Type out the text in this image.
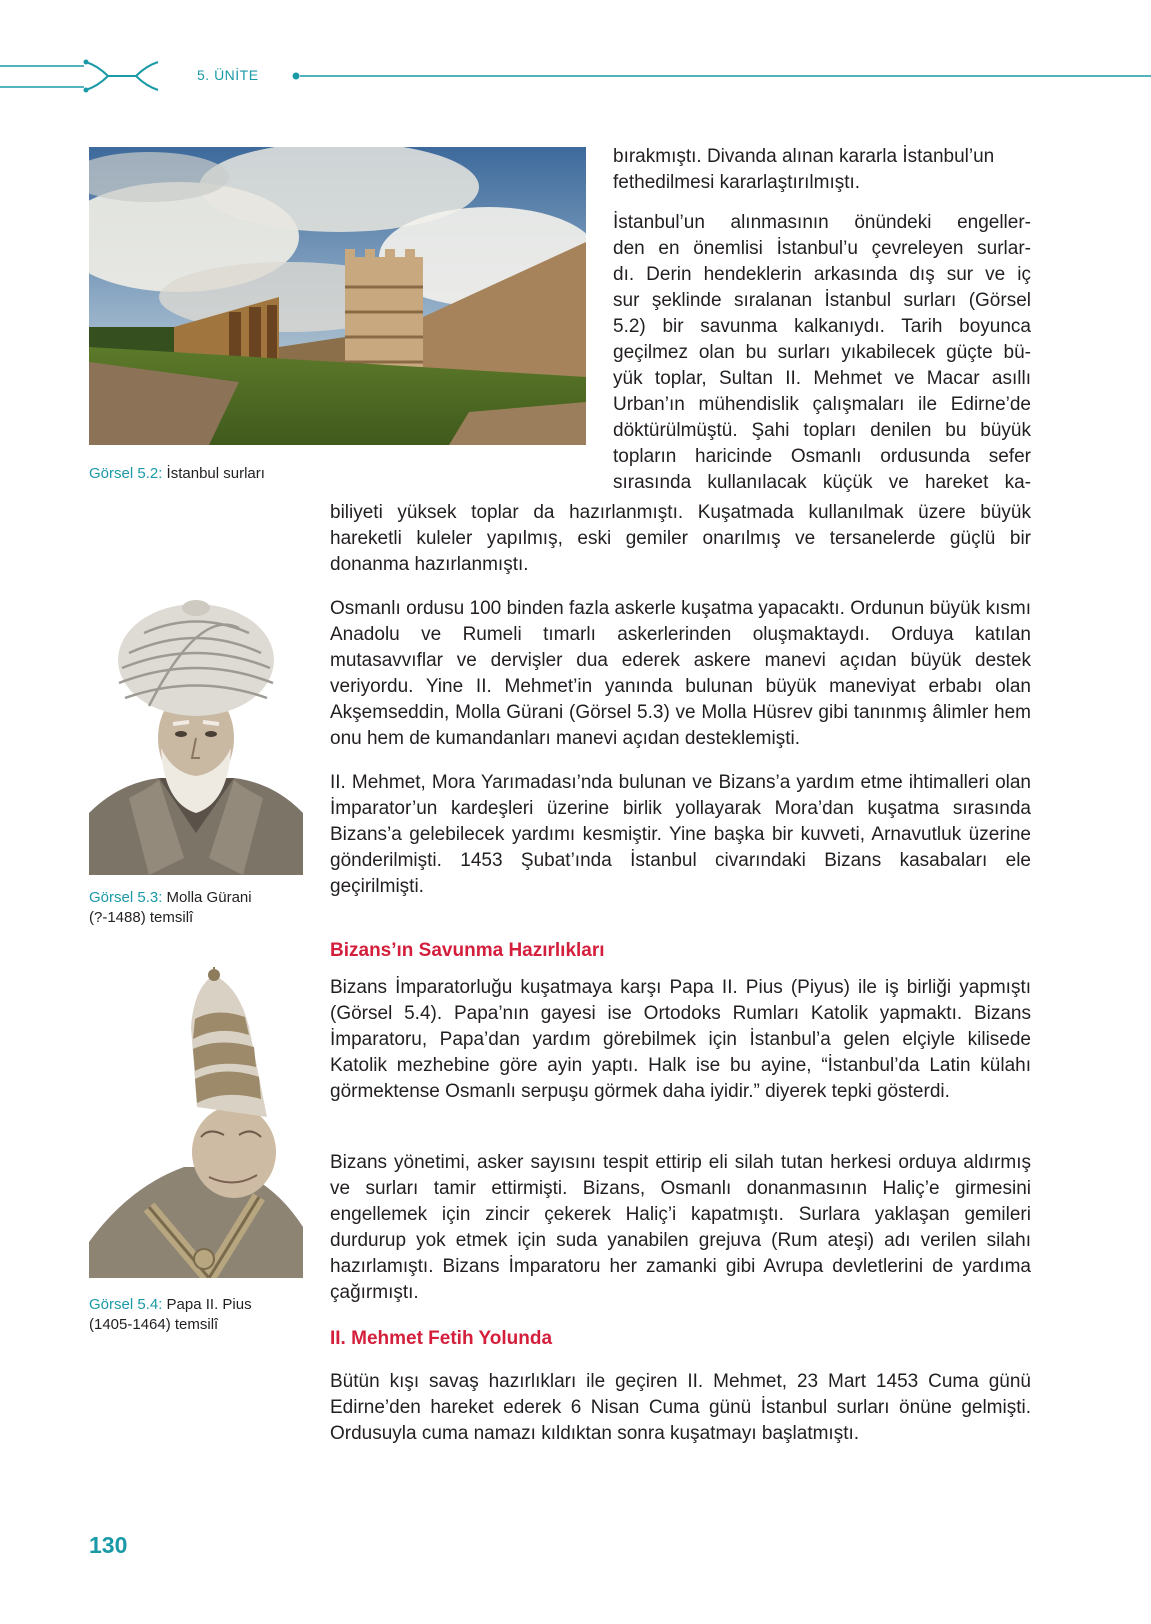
5. ÜNİTE
Görsel 5.2: İstanbul surları
bırakmıştı. Divanda alınan kararla İstanbul’un
fethedilmesi kararlaştırılmıştı.
İstanbul’un alınmasının önündeki engeller-
den en önemlisi İstanbul’u çevreleyen surlar-
dı. Derin hendeklerin arkasında dış sur ve iç
sur şeklinde sıralanan İstanbul surları (Görsel
5.2) bir savunma kalkanıydı. Tarih boyunca
geçilmez olan bu surları yıkabilecek güçte bü-
yük toplar, Sultan II. Mehmet ve Macar asıllı
Urban’ın mühendislik çalışmaları ile Edirne’de
döktürülmüştü. Şahi topları denilen bu büyük
topların haricinde Osmanlı ordusunda sefer
sırasında kullanılacak küçük ve hareket ka-

biliyeti yüksek toplar da hazırlanmıştı. Kuşatmada kullanılmak üzere büyük hareketli kuleler yapılmış, eski gemiler onarılmış ve tersanelerde güçlü bir donanma hazırlanmıştı.

Görsel 5.3: Molla Gürani
(?-1488) temsilî

Osmanlı ordusu 100 binden fazla askerle kuşatma yapacaktı. Ordunun büyük kısmı Anadolu ve Rumeli tımarlı askerlerinden oluşmaktaydı. Orduya katılan mutasavvıflar ve dervişler dua ederek askere manevi açıdan büyük destek veriyordu. Yine II. Mehmet’in yanında bulunan büyük maneviyat erbabı olan Akşemseddin, Molla Gürani (Görsel 5.3) ve Molla Hüsrev gibi tanınmış âlimler hem onu hem de kumandanları manevi açıdan desteklemişti.

II. Mehmet, Mora Yarımadası’nda bulunan ve Bizans’a yardım etme ihtimalleri olan İmparator’un kardeşleri üzerine birlik yollayarak Mora’dan kuşatma sırasında Bizans’a gelebilecek yardımı kesmiştir. Yine başka bir kuvveti, Arnavutluk üzerine gönderilmişti. 1453 Şubat’ında İstanbul civarındaki Bizans kasabaları ele geçirilmişti.

Bizans’ın Savunma Hazırlıkları
Görsel 5.4: Papa II. Pius
(1405-1464) temsilî

Bizans İmparatorluğu kuşatmaya karşı Papa II. Pius (Piyus) ile iş birliği yapmıştı (Görsel 5.4). Papa’nın gayesi ise Ortodoks Rumları Katolik yapmaktı. Bizans İmparatoru, Papa’dan yardım görebilmek için İstanbul’a gelen elçiyle kilisede Katolik mezhebine göre ayin yaptı. Halk ise bu ayine, “İstanbul’da Latin külahı görmektense Osmanlı serpuşu görmek daha iyidir.” diyerek tepki gösterdi.

Bizans yönetimi, asker sayısını tespit ettirip eli silah tutan herkesi orduya aldırmış ve surları tamir ettirmişti. Bizans, Osmanlı donanmasının Haliç’e girmesini engellemek için zincir çekerek Haliç’i kapatmıştı. Surlara yaklaşan gemileri durdurup yok etmek için suda yanabilen grejuva (Rum ateşi) adı verilen silahı hazırlamıştı. Bizans İmparatoru her zamanki gibi Avrupa devletlerini de yardıma çağırmıştı.

II. Mehmet Fetih Yolunda

Bütün kışı savaş hazırlıkları ile geçiren II. Mehmet, 23 Mart 1453 Cuma günü Edirne’den hareket ederek 6 Nisan Cuma günü İstanbul surları önüne gelmişti. Ordusuyla cuma namazı kıldıktan sonra kuşatmayı başlatmıştı.

130
